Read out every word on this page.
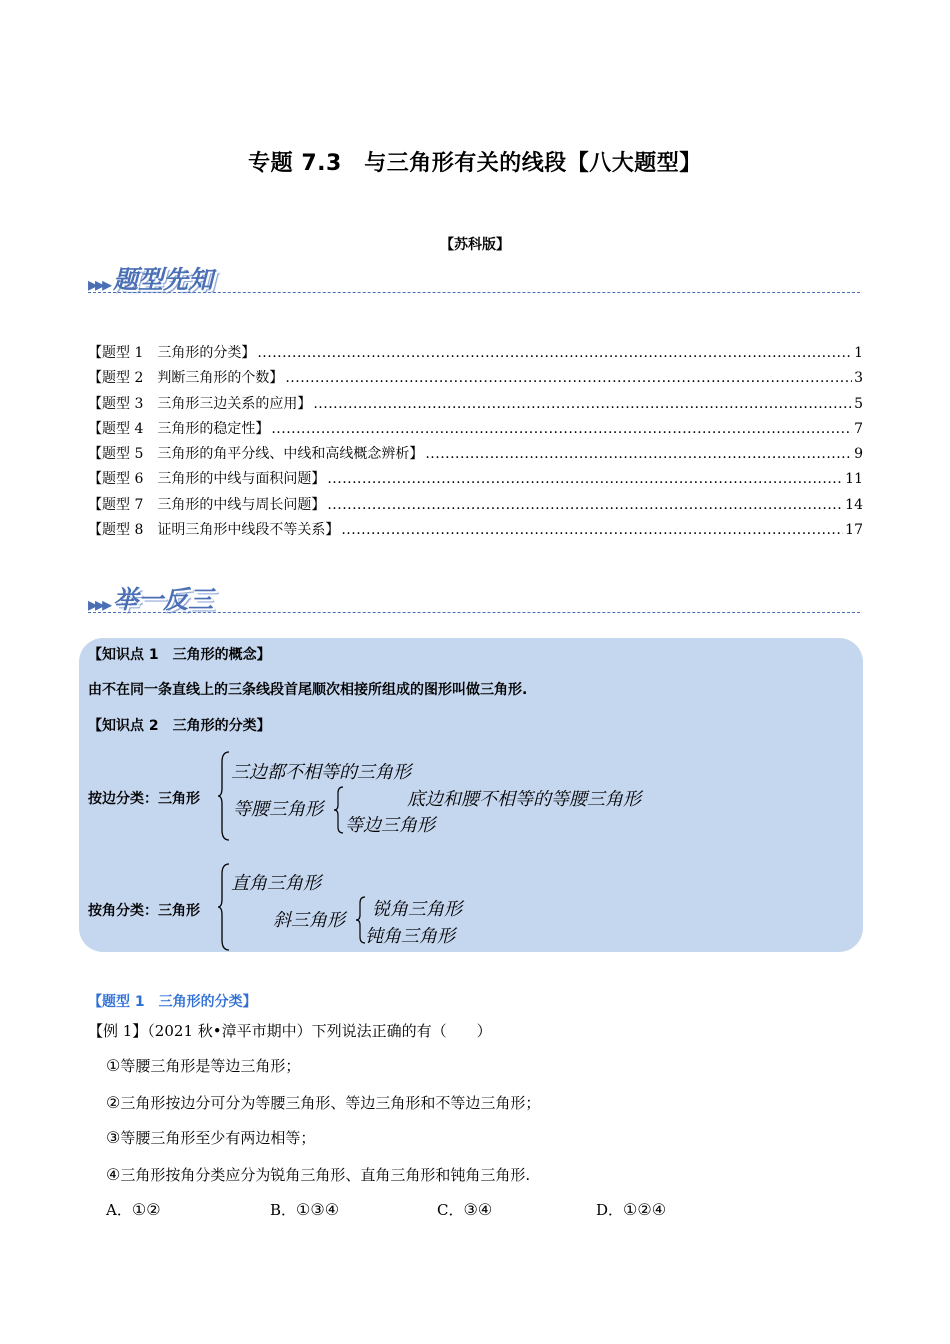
专题 7.3　与三角形有关的线段【八大题型】
【苏科版】
▸▸▸ 题型先知
【题型 1　三角形的分类】 .....	1
【题型 2　判断三角形的个数】 .....	3
【题型 3　三角形三边关系的应用】 .....	5
【题型 4　三角形的稳定性】 .....	7
【题型 5　三角形的角平分线、中线和高线概念辨析】 .....	9
【题型 6　三角形的中线与面积问题】 .....	11
【题型 7　三角形的中线与周长问题】 .....	14
【题型 8　证明三角形中线段不等关系】 .....	17
▸▸▸ 举一反三
【知识点 1　三角形的概念】
由不在同一条直线上的三条线段首尾顺次相接所组成的图形叫做三角形.
【知识点 2　三角形的分类】
按边分类：三角形
三边都不相等的三角形
等腰三角形	底边和腰不相等的等腰三角形
等边三角形
按角分类：三角形
直角三角形
斜三角形
锐角三角形
钝角三角形
【题型 1　三角形的分类】
【例 1】（2021 秋•漳平市期中）下列说法正确的有（　　）
①等腰三角形是等边三角形；
②三角形按边分可分为等腰三角形、等边三角形和不等边三角形；
③等腰三角形至少有两边相等；
④三角形按角分类应分为锐角三角形、直角三角形和钝角三角形.
A．①②	B．①③④	C．③④	D．①②④
